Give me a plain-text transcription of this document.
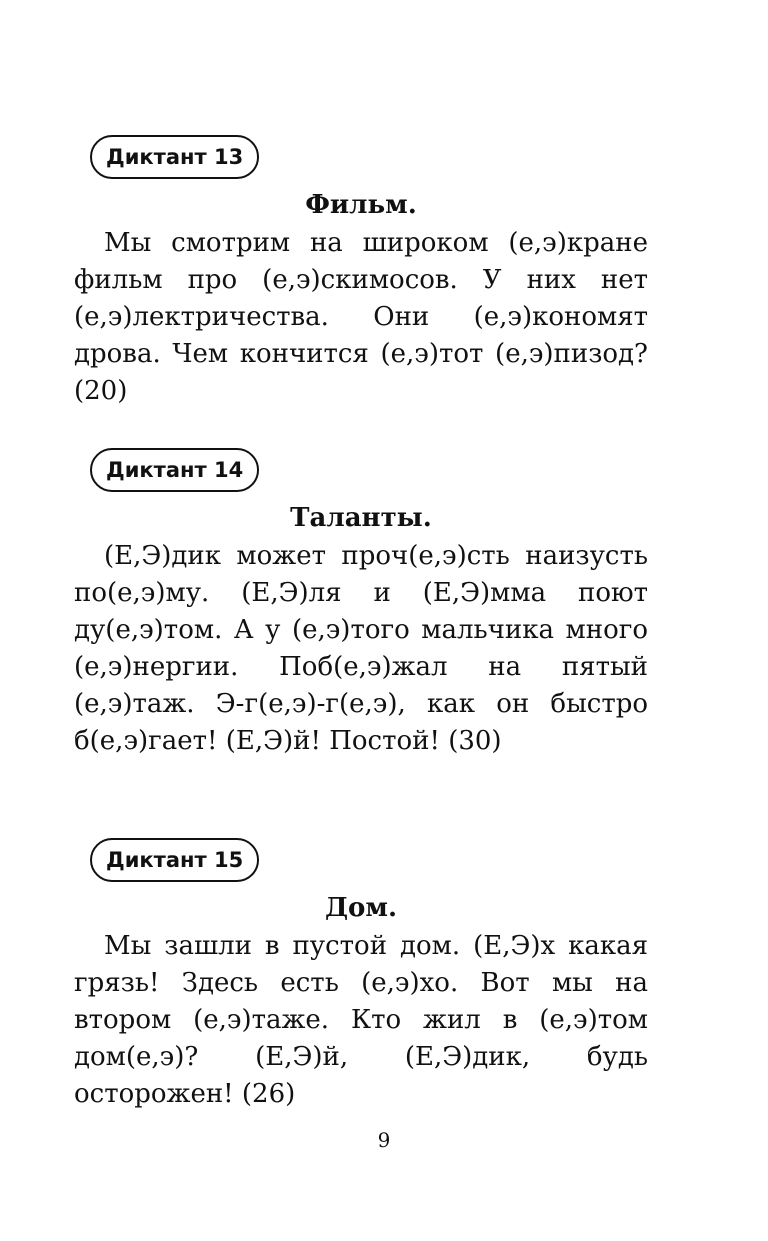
Диктант 13
Фильм.
Мы смотрим на широком (е,э)кране фильм про (е,э)скимосов. У них нет (е,э)лектричества. Они (е,э)кономят дрова. Чем кончится (е,э)тот (е,э)пизод? (20)
Диктант 14
Таланты.
(Е,Э)дик может проч(е,э)сть наизусть по(е,э)му. (Е,Э)ля и (Е,Э)мма поют ду(е,э)том. А у (е,э)того мальчика много (е,э)нергии. Поб(е,э)жал на пятый (е,э)таж. Э-г(е,э)-г(е,э), как он быстро б(е,э)гает! (Е,Э)й! Постой! (30)
Диктант 15
Дом.
Мы зашли в пустой дом. (Е,Э)х какая грязь! Здесь есть (е,э)хо. Вот мы на втором (е,э)таже. Кто жил в (е,э)том дом(е,э)? (Е,Э)й, (Е,Э)дик, будь осторожен! (26)
9
